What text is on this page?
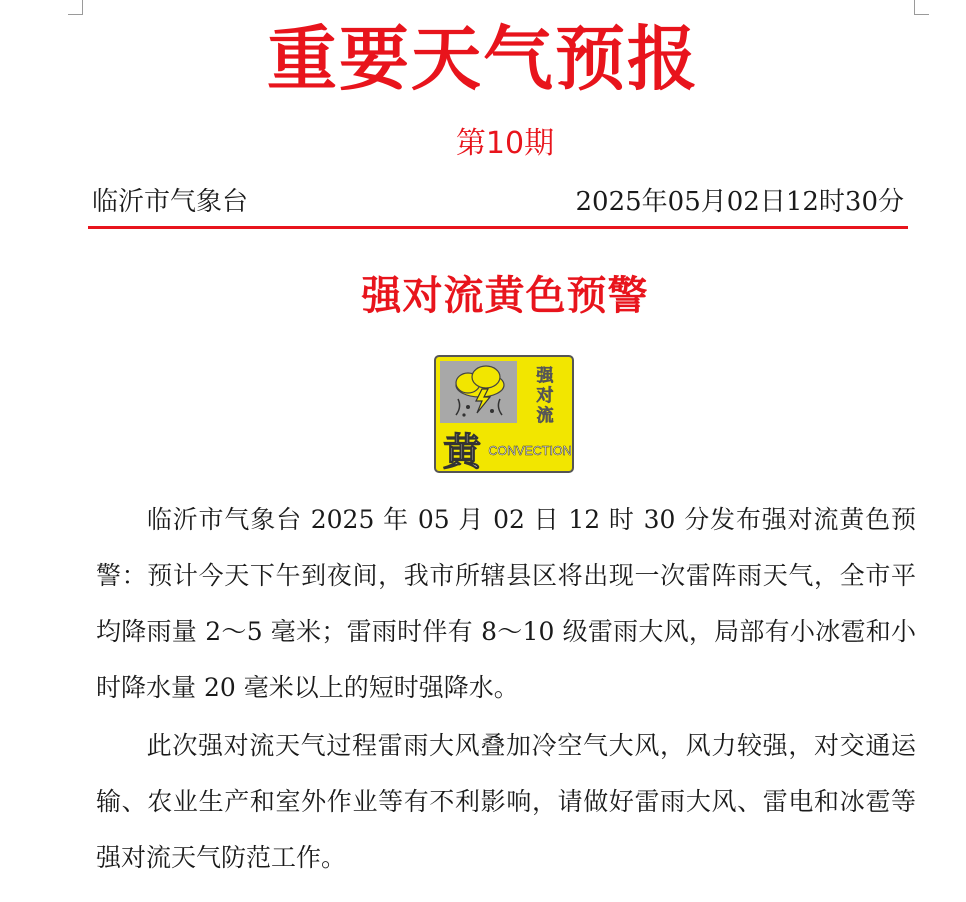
重要天气预报
第10期
临沂市气象台	2025年05月02日12时30分
强对流黄色预警
强
对
流
黄 CONVECTION
临沂市气象台 2025 年 05 月 02 日 12 时 30 分发布强对流黄色预警：预计今天下午到夜间，我市所辖县区将出现一次雷阵雨天气，全市平均降雨量 2～5 毫米；雷雨时伴有 8～10 级雷雨大风，局部有小冰雹和小时降水量 20 毫米以上的短时强降水。
此次强对流天气过程雷雨大风叠加冷空气大风，风力较强，对交通运输、农业生产和室外作业等有不利影响，请做好雷雨大风、雷电和冰雹等强对流天气防范工作。
